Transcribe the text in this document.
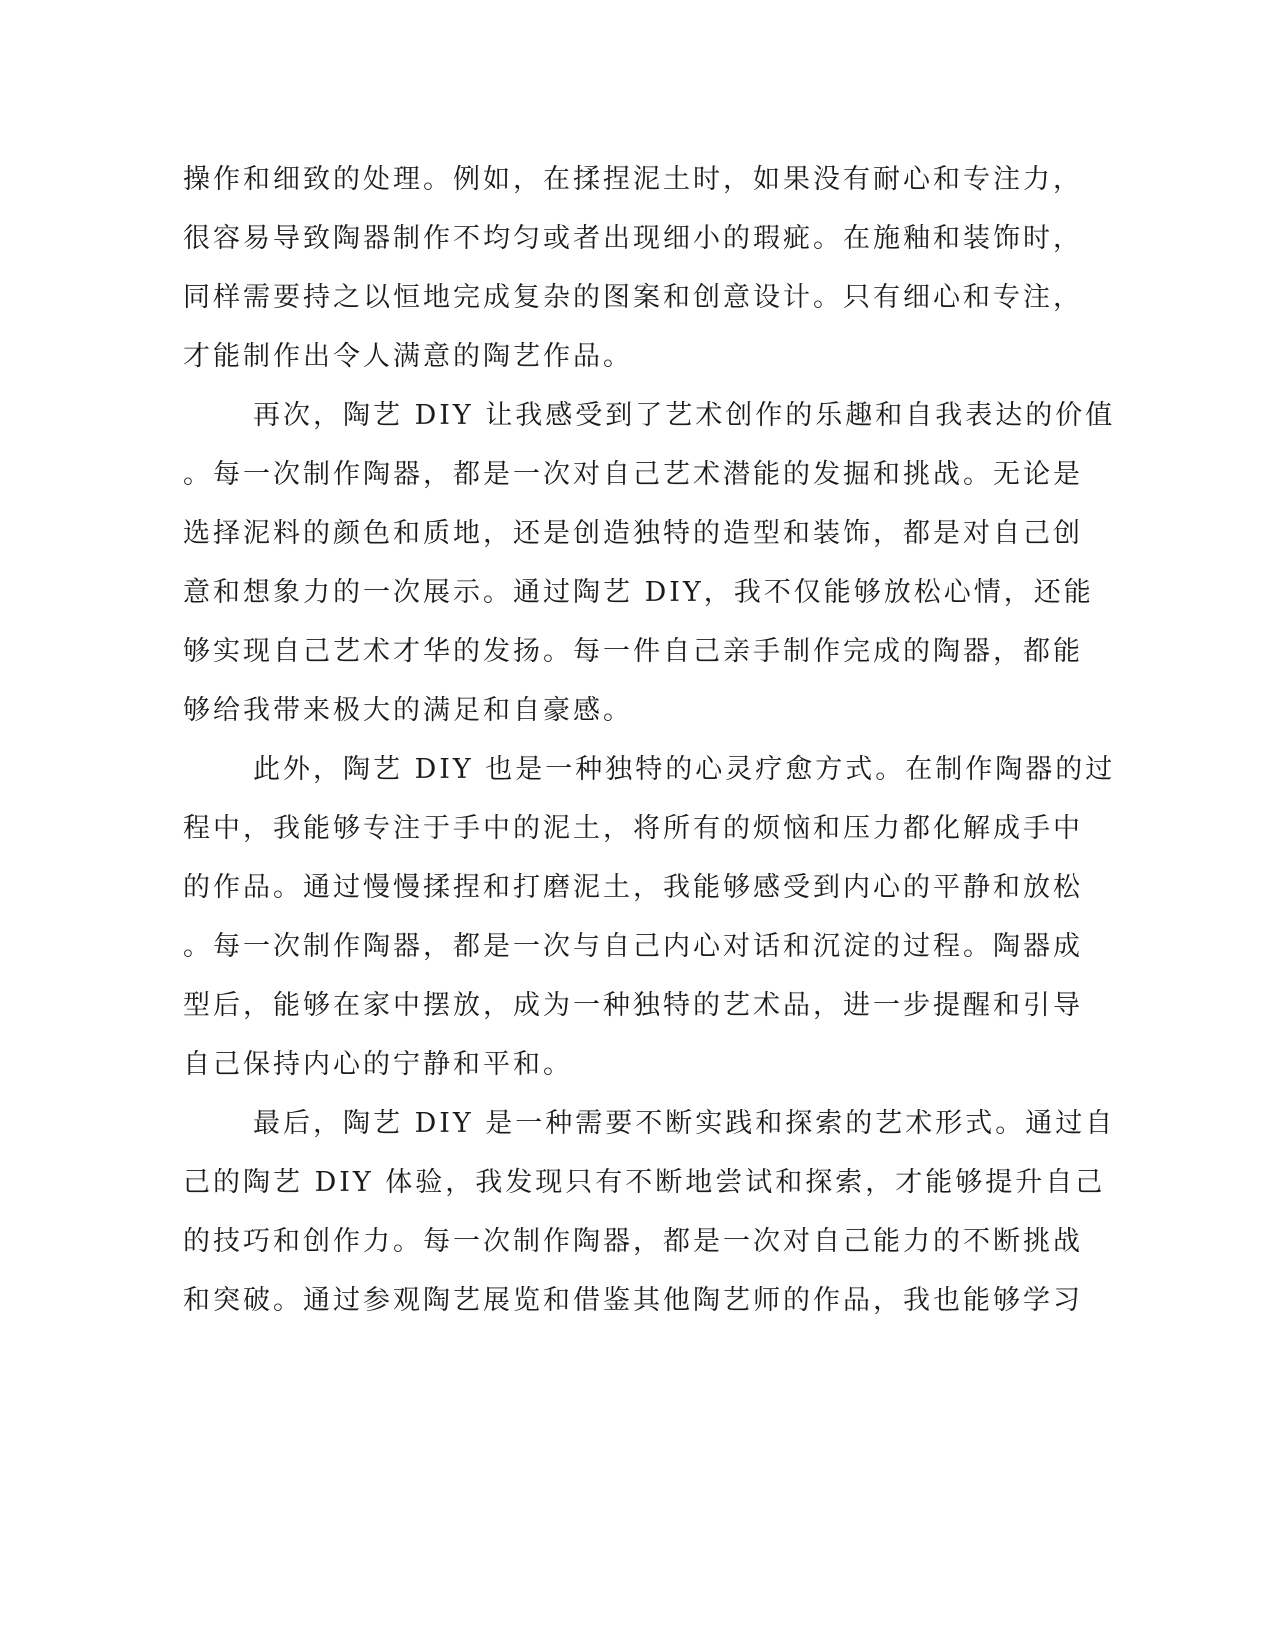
操作和细致的处理。例如，在揉捏泥土时，如果没有耐心和专注力，
很容易导致陶器制作不均匀或者出现细小的瑕疵。在施釉和装饰时，
同样需要持之以恒地完成复杂的图案和创意设计。只有细心和专注，
才能制作出令人满意的陶艺作品。
再次，陶艺 DIY 让我感受到了艺术创作的乐趣和自我表达的价值
。每一次制作陶器，都是一次对自己艺术潜能的发掘和挑战。无论是
选择泥料的颜色和质地，还是创造独特的造型和装饰，都是对自己创
意和想象力的一次展示。通过陶艺 DIY，我不仅能够放松心情，还能
够实现自己艺术才华的发扬。每一件自己亲手制作完成的陶器，都能
够给我带来极大的满足和自豪感。
此外，陶艺 DIY 也是一种独特的心灵疗愈方式。在制作陶器的过
程中，我能够专注于手中的泥土，将所有的烦恼和压力都化解成手中
的作品。通过慢慢揉捏和打磨泥土，我能够感受到内心的平静和放松
。每一次制作陶器，都是一次与自己内心对话和沉淀的过程。陶器成
型后，能够在家中摆放，成为一种独特的艺术品，进一步提醒和引导
自己保持内心的宁静和平和。
最后，陶艺 DIY 是一种需要不断实践和探索的艺术形式。通过自
己的陶艺 DIY 体验，我发现只有不断地尝试和探索，才能够提升自己
的技巧和创作力。每一次制作陶器，都是一次对自己能力的不断挑战
和突破。通过参观陶艺展览和借鉴其他陶艺师的作品，我也能够学习
